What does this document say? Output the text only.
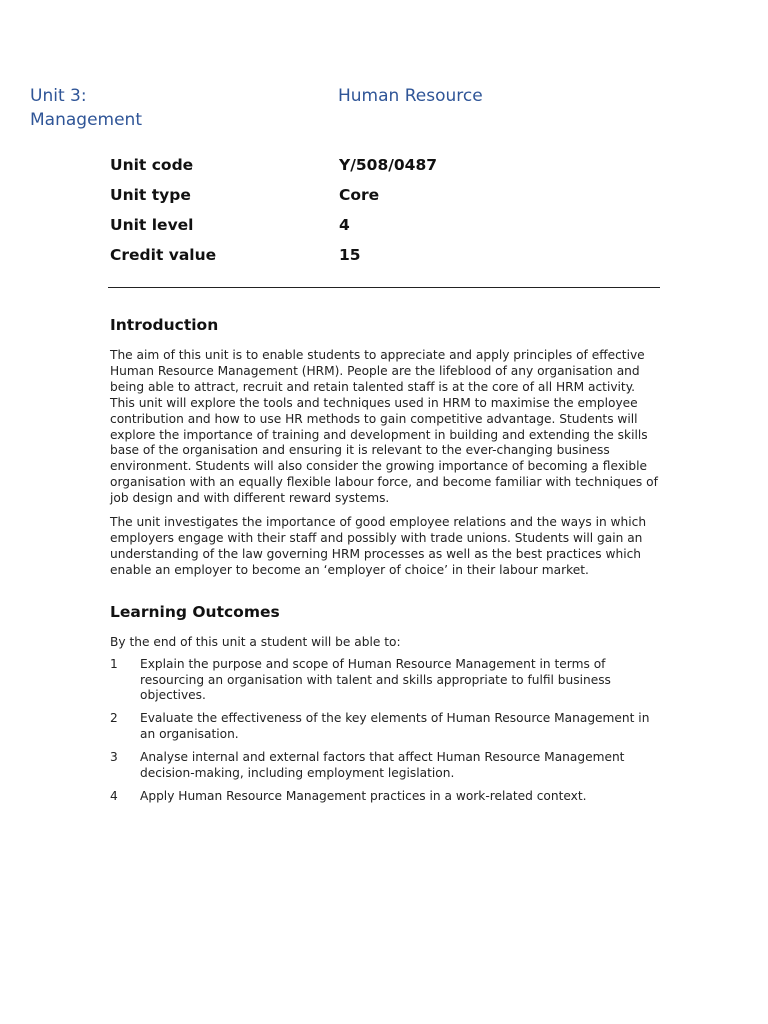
Unit 3:	Human Resource
Management
Unit code	Y/508/0487
Unit type	Core
Unit level	4
Credit value	15
Introduction

The aim of this unit is to enable students to appreciate and apply principles of effective Human Resource Management (HRM). People are the lifeblood of any organisation and being able to attract, recruit and retain talented staff is at the core of all HRM activity. This unit will explore the tools and techniques used in HRM to maximise the employee contribution and how to use HR methods to gain competitive advantage. Students will explore the importance of training and development in building and extending the skills base of the organisation and ensuring it is relevant to the ever-changing business environment. Students will also consider the growing importance of becoming a flexible organisation with an equally flexible labour force, and become familiar with techniques of job design and with different reward systems.

The unit investigates the importance of good employee relations and the ways in which employers engage with their staff and possibly with trade unions. Students will gain an understanding of the law governing HRM processes as well as the best practices which enable an employer to become an ‘employer of choice’ in their labour market.

Learning Outcomes

By the end of this unit a student will be able to:

1 Explain the purpose and scope of Human Resource Management in terms of resourcing an organisation with talent and skills appropriate to fulfil business objectives.
2 Evaluate the effectiveness of the key elements of Human Resource Management in an organisation.
3 Analyse internal and external factors that affect Human Resource Management decision-making, including employment legislation.
4 Apply Human Resource Management practices in a work-related context.
